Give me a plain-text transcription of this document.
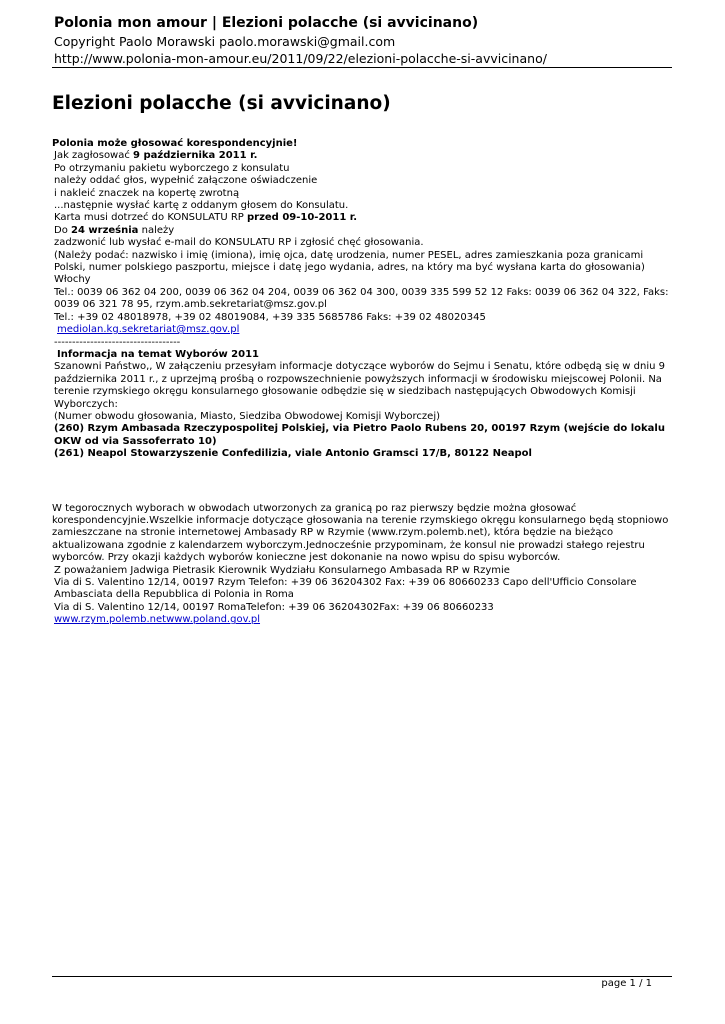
Polonia mon amour | Elezioni polacche (si avvicinano)
Copyright Paolo Morawski paolo.morawski@gmail.com
http://www.polonia-mon-amour.eu/2011/09/22/elezioni-polacche-si-avvicinano/
Elezioni polacche (si avvicinano)

Polonia może głosować korespondencyjnie!

Jak zagłosować 9 października 2011 r.

Po otrzymaniu pakietu wyborczego z konsulatu

należy oddać głos, wypełnić załączone oświadczenie

i nakleić znaczek na kopertę zwrotną

...następnie wysłać kartę z oddanym głosem do Konsulatu.

Karta musi dotrzeć do KONSULATU RP przed 09-10-2011 r.

Do 24 września należy

zadzwonić lub wysłać e-mail do KONSULATU RP i zgłosić chęć głosowania.

(Należy podać: nazwisko i imię (imiona), imię ojca, datę urodzenia, numer PESEL, adres zamieszkania poza granicami Polski, numer polskiego paszportu, miejsce i datę jego wydania, adres, na który ma być wysłana karta do głosowania)

Włochy

Tel.: 0039 06 362 04 200, 0039 06 362 04 204, 0039 06 362 04 300, 0039 335 599 52 12 Faks: 0039 06 362 04 322, Faks: 0039 06 321 78 95, rzym.amb.sekretariat@msz.gov.pl

Tel.: +39 02 48018978, +39 02 48019084, +39 335 5685786 Faks: +39 02 48020345

mediolan.kg.sekretariat@msz.gov.pl

-----------------------------------

Informacja na temat Wyborów 2011

Szanowni Państwo,, W załączeniu przesyłam informacje dotyczące wyborów do Sejmu i Senatu, które odbędą się w dniu 9 października 2011 r., z uprzejmą prośbą o rozpowszechnienie powyższych informacji w środowisku miejscowej Polonii. Na terenie rzymskiego okręgu konsularnego głosowanie odbędzie się w siedzibach następujących Obwodowych Komisji Wyborczych:

(Numer obwodu głosowania, Miasto, Siedziba Obwodowej Komisji Wyborczej)

(260) Rzym Ambasada Rzeczypospolitej Polskiej, via Pietro Paolo Rubens 20, 00197 Rzym (wejście do lokalu OKW od via Sassoferrato 10)

(261) Neapol Stowarzyszenie Confedilizia, viale Antonio Gramsci 17/B, 80122 Neapol

W tegorocznych wyborach w obwodach utworzonych za granicą po raz pierwszy będzie można głosować korespondencyjnie.Wszelkie informacje dotyczące głosowania na terenie rzymskiego okręgu konsularnego będą stopniowo zamieszczane na stronie internetowej Ambasady RP w Rzymie (www.rzym.polemb.net), która będzie na bieżąco aktualizowana zgodnie z kalendarzem wyborczym.Jednocześnie przypominam, że konsul nie prowadzi stałego rejestru wyborców. Przy okazji każdych wyborów konieczne jest dokonanie na nowo wpisu do spisu wyborców.

Z poważaniem Jadwiga Pietrasik Kierownik Wydziału Konsularnego Ambasada RP w Rzymie

Via di S. Valentino 12/14, 00197 Rzym Telefon: +39 06 36204302 Fax: +39 06 80660233 Capo dell'Ufficio Consolare Ambasciata della Repubblica di Polonia in Roma

Via di S. Valentino 12/14, 00197 RomaTelefon: +39 06 36204302Fax: +39 06 80660233

www.rzym.polemb.netwww.poland.gov.pl

page 1 / 1
